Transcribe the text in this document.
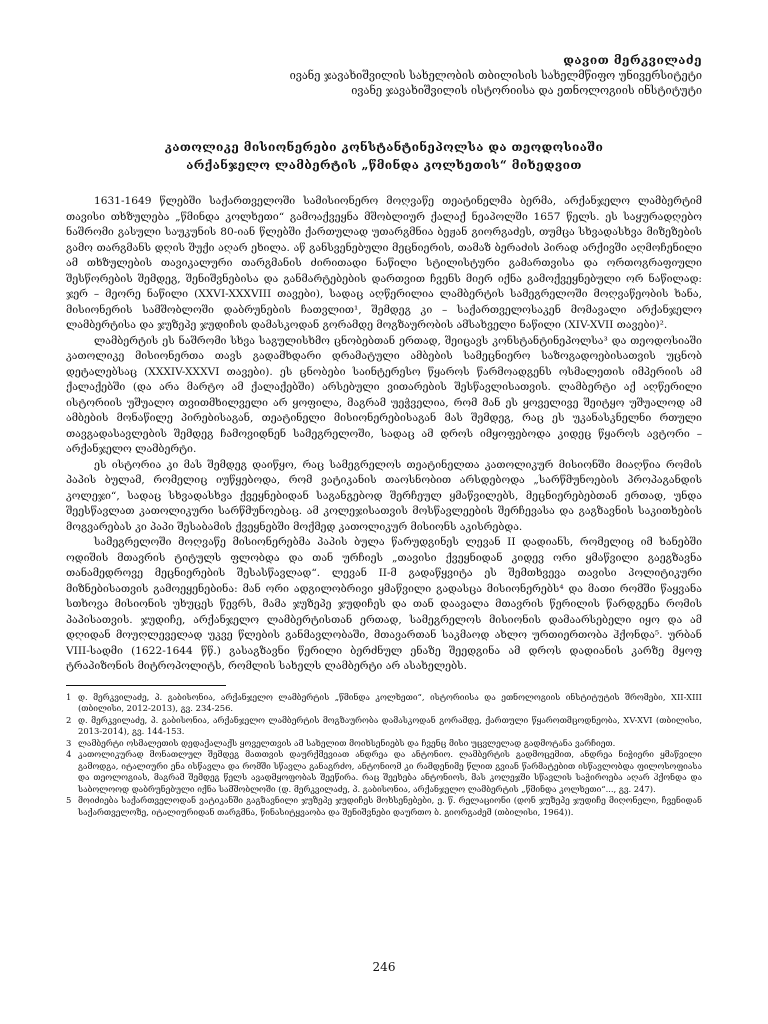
დავით მერკვილაძე
ივანე ჯავახიშვილის სახელობის თბილისის სახელმწიფო უნივერსიტეტი
ივანე ჯავახიშვილის ისტორიისა და ეთნოლოგიის ინსტიტუტი
კათოლიკე მისიონერები კონსტანტინეპოლსა და თეოდოსიაში
არქანჯელო ლამბერტის „წმინდა კოლხეთის“ მიხედვით

1631-1649 წლებში საქართველოში სამისიონერო მოღვაწე თეატინელმა ბერმა, არქანჯელო ლამბერტიმ თავისი თხზულება „წმინდა კოლხეთი“ გამოაქვეყნა მშობლიურ ქალაქ ნეაპოლში 1657 წელს. ეს საყურადღებო ნაშრომი გასული საუკუნის 80-იან წლებში ქართულად უთარგმნია ბეჟან გიორგაძეს, თუმცა სხვადასხვა მიზეზების გამო თარგმანს დღის შუქი აღარ ეხილა. აწ განსვენებული მეცნიერის, თამაზ ბერაძის პირად არქივში აღმოჩენილი ამ თხზულების თავიკალური თარგმანის ძირითადი ნაწილი სტილისტური გამართვისა და ორთოგრაფიული შესწორების შემდეგ, შენიშვნებისა და განმარტებების დართვით ჩვენს მიერ იქნა გამოქვეყნებული ორ ნაწილად: ჯერ – მეორე ნაწილი (XXVI-XXXVIII თავები), სადაც აღწერილია ლამბერტის სამეგრელოში მოღვაწეობის ხანა, მისიონერის სამშობლოში დაბრუნების ჩათვლით¹, შემდეგ კი – საქართველოსაკენ მომავალი არქანჯელო ლამბერტისა და ჯუზეპე ჯუდიჩის დამასკოდან გორამდე მოგზაურობის ამსახველი ნაწილი (XIV-XVII თავები)².

ლამბერტის ეს ნაშრომი სხვა საგულისხმო ცნობებთან ერთად, შეიცავს კონსტანტინეპოლსა³ და თეოდოსიაში კათოლიკე მისიონერთა თავს გადამხდარი დრამატული ამბების სამეცნიერო საზოგადოებისათვის უცნობ დეტალებსაც (XXXIV-XXXVI თავები). ეს ცნობები საინტერესო წყაროს წარმოადგენს ოსმალეთის იმპერიის ამ ქალაქებში (და არა მარტო ამ ქალაქებში) არსებული ვითარების შესწავლისათვის. ლამბერტი აქ აღწერილი ისტორიის უშუალო თვითმხილველი არ ყოფილა, მაგრამ უეჭველია, რომ მან ეს ყოველივე შეიტყო უშუალოდ ამ ამბების მონაწილე პირებისაგან, თეატინელი მისიონერებისაგან მას შემდეგ, რაც ეს უკანასკნელნი რთული თავგადასავლების შემდეგ ჩამოვიდნენ სამეგრელოში, სადაც ამ დროს იმყოფებოდა კიდეც წყაროს ავტორი – არქანჯელო ლამბერტი.

ეს ისტორია კი მას შემდეგ დაიწყო, რაც სამეგრელოს თეატინელთა კათოლიკურ მისიონში მიაღწია რომის პაპის ბულამ, რომელიც იუწყებოდა, რომ ვატიკანის თაოსნობით არსდებოდა „სარწმუნოების პროპაგანდის კოლეჯი“, სადაც სხვადასხვა ქვეყნებიდან საგანგებოდ შერჩეულ ყმაწვილებს, მეცნიერებებთან ერთად, უნდა შეესწავლათ კათოლიკური სარწმუნოებაც. ამ კოლეჯისათვის მოსწავლეების შერჩევასა და გაგზავნის საკითხების მოგვარებას კი პაპი შესაბამის ქვეყნებში მოქმედ კათოლიკურ მისიონს აკისრებდა.

სამეგრელოში მოღვაწე მისიონერებმა პაპის ბულა წარუდგინეს ლევან II დადიანს, რომელიც იმ ხანებში ოდიშის მთავრის ტიტულს ფლობდა და თან ურჩიეს „თავისი ქვეყნიდან კიდევ ორი ყმაწვილი გაეგზავნა თანამედროვე მეცნიერების შესასწავლად“. ლევან II-მ გადაწყვიტა ეს შემთხვევა თავისი პოლიტიკური მიზნებისათვის გამოეყენებინა: მან ორი ადგილობრივი ყმაწვილი გადასცა მისიონერებს⁴ და მათი რომში წაყვანა სთხოვა მისიონის უხუცეს წევრს, მამა ჯუზეპე ჯუდიჩეს და თან დაავალა მთავრის წერილის წარდგენა რომის პაპისათვის. ჯუდიჩე, არქანჯელო ლამბერტისთან ერთად, სამეგრელოს მისიონის დამაარსებელი იყო და ამ დღიდან მოუღლეველად უკვე წლების განმავლობაში, მთავართან საკმაოდ ახლო ურთიერთობა ჰქონდა⁵. ურბან VIII-სადმი (1622-1644 წწ.) გასაგზავნი წერილი ბერძნულ ენაზე შეედგინა ამ დროს დადიანის კარზე მყოფ ტრაპიზონის მიტროპოლიტს, რომლის სახელს ლამბერტი არ ასახელებს.

1 დ. მერკვილაძე, პ. გაბისონია, არქანჯელო ლამბერტის „წმინდა კოლხეთი“, ისტორიისა და ეთნოლოგიის ინსტიტუტის შრომები, XII-XIII (თბილისი, 2012-2013), გვ. 234-256.
2 დ. მერკვილაძე, პ. გაბისონია, არქანჯელო ლამბერტის მოგზაურობა დამასკოდან გორამდე, ქართული წყაროთმცოდნეობა, XV-XVI (თბილისი, 2013-2014), გვ. 144-153.
3 ლამბერტი ოსმალეთის დედაქალაქს ყოველთვის ამ სახელით მოიხსენიებს და ჩვენც მისი უცვლელად გადმოტანა ვარჩიეთ.
4 კათოლიკურად მონათლულ შემდეგ მათთვის დაურქმევიათ ანდრეა და ანტონიო. ლამბერტის გადმოცემით, ანდრეა ნიჭიერი ყმაწვილი გამოდგა, იტალიური ენა ისწავლა და რომში სწავლა განაგრძო, ანტონიომ კი რამდენიმე წლით გვიან წარმატებით ისწავლობდა ფილოსოფიასა და თეოლოგიას, მაგრამ შემდეგ წელს ავადმყოფობას შეეწირა. რაც შეეხება ანტონიოს, მას კოლეჯში სწავლის საჭიროება აღარ ჰქონდა და საბოლოოდ დაბრუნებული იქნა სამშობლოში (დ. მერკვილაძე, პ. გაბისონია, არქანჯელო ლამბერტის „წმინდა კოლხეთი“..., გვ. 247).
5 მოიძიება საქართველოდან ვატიკანში გაგზავნილი ჯუზეპე ჯუდიჩეს მოხსენებები, ე. წ. რელაციონი (დონ ჯუზეპე ჯუდიჩე მიღონელი, ჩვენიდან საქართველოზე, იტალიურიდან თარგმნა, წინასიტყვაობა და შენიშვნები დაურთო ბ. გიორგაძემ (თბილისი, 1964)).
246
